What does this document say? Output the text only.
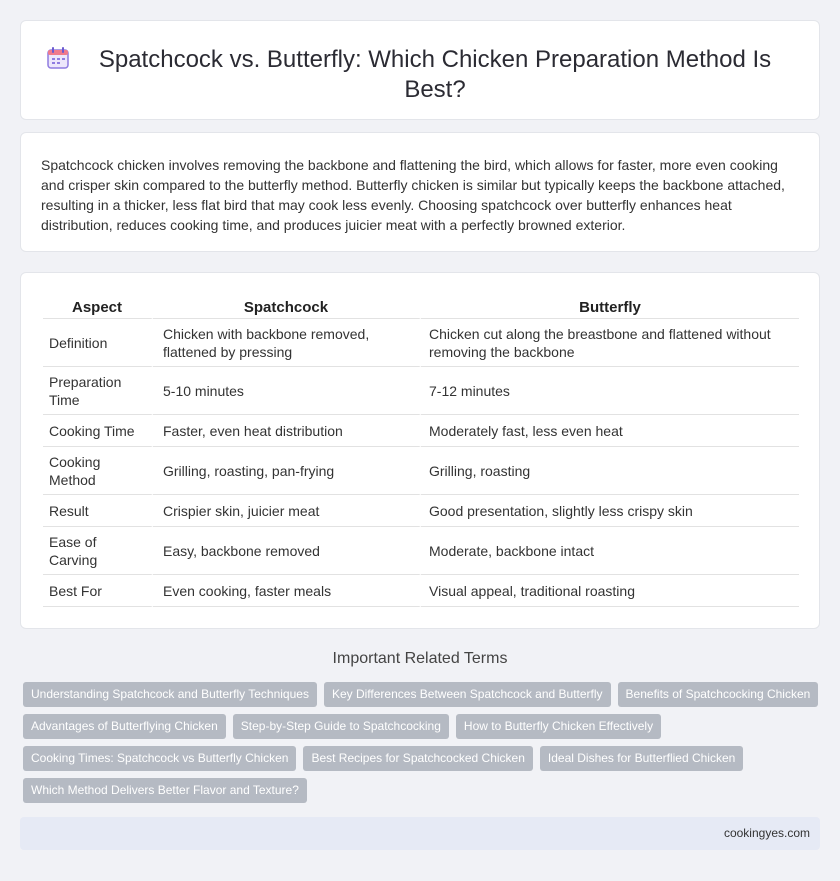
Spatchcock vs. Butterfly: Which Chicken Preparation Method Is Best?

Spatchcock chicken involves removing the backbone and flattening the bird, which allows for faster, more even cooking and crisper skin compared to the butterfly method. Butterfly chicken is similar but typically keeps the backbone attached, resulting in a thicker, less flat bird that may cook less evenly. Choosing spatchcock over butterfly enhances heat distribution, reduces cooking time, and produces juicier meat with a perfectly browned exterior.

Aspect	Spatchcock	Butterfly
Definition	Chicken with backbone removed, flattened by pressing	Chicken cut along the breastbone and flattened without removing the backbone
Preparation Time	5-10 minutes	7-12 minutes
Cooking Time	Faster, even heat distribution	Moderately fast, less even heat
Cooking Method	Grilling, roasting, pan-frying	Grilling, roasting
Result	Crispier skin, juicier meat	Good presentation, slightly less crispy skin
Ease of Carving	Easy, backbone removed	Moderate, backbone intact
Best For	Even cooking, faster meals	Visual appeal, traditional roasting
Important Related Terms
Understanding Spatchcock and Butterfly Techniques	Key Differences Between Spatchcock and Butterfly	Benefits of Spatchcocking Chicken
Advantages of Butterflying Chicken	Step-by-Step Guide to Spatchcocking	How to Butterfly Chicken Effectively
Cooking Times: Spatchcock vs Butterfly Chicken	Best Recipes for Spatchcocked Chicken	Ideal Dishes for Butterflied Chicken
Which Method Delivers Better Flavor and Texture?
cookingyes.com
